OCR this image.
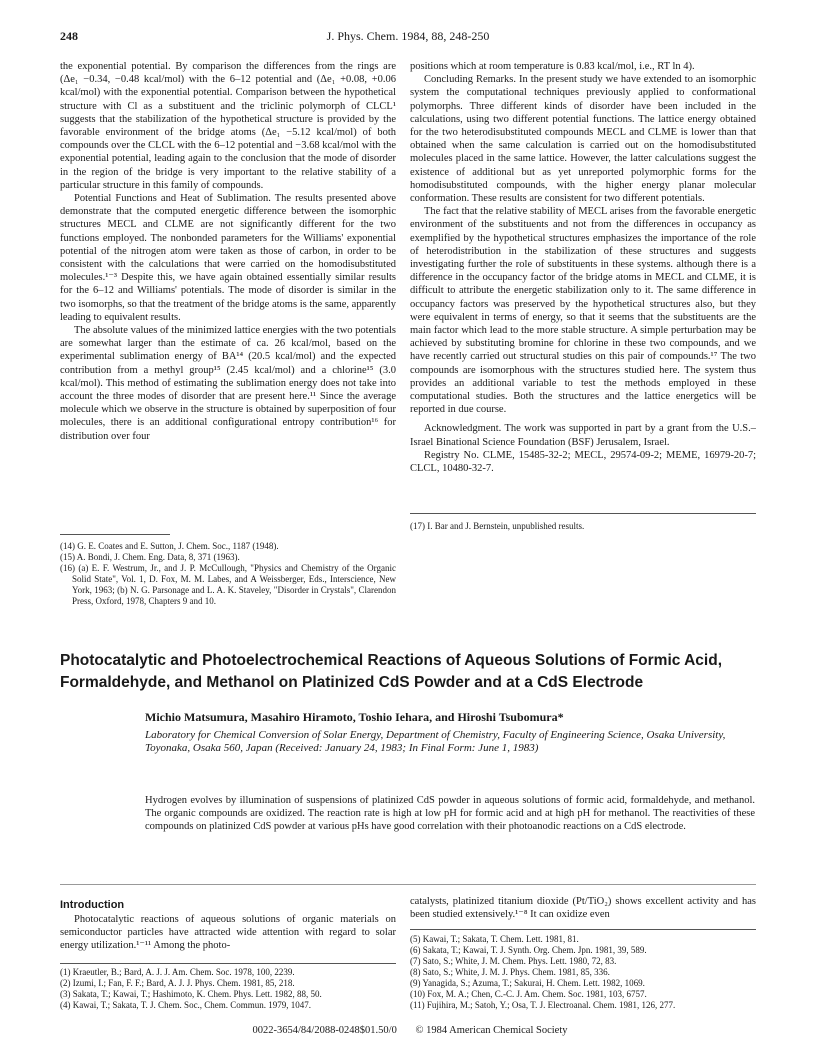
248	J. Phys. Chem. 1984, 88, 248-250

the exponential potential. By comparison the differences from the rings are (Δe₁ −0.34, −0.48 kcal/mol) with the 6–12 potential and (Δe₁ +0.08, +0.06 kcal/mol) with the exponential potential. Comparison between the hypothetical structure with Cl as a substituent and the triclinic polymorph of CLCL¹ suggests that the stabilization of the hypothetical structure is provided by the favorable environment of the bridge atoms (Δe₁ −5.12 kcal/mol) of both compounds over the CLCL with the 6–12 potential and −3.68 kcal/mol with the exponential potential, leading again to the conclusion that the mode of disorder in the region of the bridge is very important to the relative stability of a particular structure in this family of compounds.

Potential Functions and Heat of Sublimation. The results presented above demonstrate that the computed energetic difference between the isomorphic structures MECL and CLME are not significantly different for the two functions employed. The nonbonded parameters for the Williams' exponential potential of the nitrogen atom were taken as those of carbon, in order to be consistent with the calculations that were carried on the homodisubstituted molecules.¹⁻³ Despite this, we have again obtained essentially similar results for the 6–12 and Williams' potentials. The mode of disorder is similar in the two isomorphs, so that the treatment of the bridge atoms is the same, apparently leading to equivalent results.

The absolute values of the minimized lattice energies with the two potentials are somewhat larger than the estimate of ca. 26 kcal/mol, based on the experimental sublimation energy of BA¹⁴ (20.5 kcal/mol) and the expected contribution from a methyl group¹⁵ (2.45 kcal/mol) and a chlorine¹⁵ (3.0 kcal/mol). This method of estimating the sublimation energy does not take into account the three modes of disorder that are present here.¹¹ Since the average molecule which we observe in the structure is obtained by superposition of four molecules, there is an additional configurational entropy contribution¹⁶ for distribution over four

positions which at room temperature is 0.83 kcal/mol, i.e., RT ln 4).

Concluding Remarks. In the present study we have extended to an isomorphic system the computational techniques previously applied to conformational polymorphs. Three different kinds of disorder have been included in the calculations, using two different potential functions. The lattice energy obtained for the two heterodisubstituted compounds MECL and CLME is lower than that obtained when the same calculation is carried out on the homodisubstituted molecules placed in the same lattice. However, the latter calculations suggest the existence of additional but as yet unreported polymorphic forms for the homodisubstituted compounds, with the higher energy planar molecular conformation. These results are consistent for two different potentials.

The fact that the relative stability of MECL arises from the favorable energetic environment of the substituents and not from the differences in occupancy as exemplified by the hypothetical structures emphasizes the importance of the role of heterodistribution in the stabilization of these structures and suggests investigating further the role of substituents in these systems. although there is a difference in the occupancy factor of the bridge atoms in MECL and CLME, it is difficult to attribute the energetic stabilization only to it. The same difference in occupancy factors was preserved by the hypothetical structures also, but they were equivalent in terms of energy, so that it seems that the substituents are the main factor which lead to the more stable structure. A simple perturbation may be achieved by substituting bromine for chlorine in these two compounds, and we have recently carried out structural studies on this pair of compounds.¹⁷ The two compounds are isomorphous with the structures studied here. The system thus provides an additional variable to test the methods employed in these computational studies. Both the structures and the lattice energetics will be reported in due course.

Acknowledgment. The work was supported in part by a grant from the U.S.–Israel Binational Science Foundation (BSF) Jerusalem, Israel.

Registry No. CLME, 15485-32-2; MECL, 29574-09-2; MEME, 16979-20-7; CLCL, 10480-32-7.

(14) G. E. Coates and E. Sutton, J. Chem. Soc., 1187 (1948).
(15) A. Bondi, J. Chem. Eng. Data, 8, 371 (1963).
(16) (a) E. F. Westrum, Jr., and J. P. McCullough, "Physics and Chemistry of the Organic Solid State", Vol. 1, D. Fox, M. M. Labes, and A Weissberger, Eds., Interscience, New York, 1963; (b) N. G. Parsonage and L. A. K. Staveley, "Disorder in Crystals", Clarendon Press, Oxford, 1978, Chapters 9 and 10.
(17) I. Bar and J. Bernstein, unpublished results.
Photocatalytic and Photoelectrochemical Reactions of Aqueous Solutions of Formic Acid, Formaldehyde, and Methanol on Platinized CdS Powder and at a CdS Electrode
Michio Matsumura, Masahiro Hiramoto, Toshio Iehara, and Hiroshi Tsubomura*
Laboratory for Chemical Conversion of Solar Energy, Department of Chemistry, Faculty of Engineering Science, Osaka University, Toyonaka, Osaka 560, Japan (Received: January 24, 1983; In Final Form: June 1, 1983)
Hydrogen evolves by illumination of suspensions of platinized CdS powder in aqueous solutions of formic acid, formaldehyde, and methanol. The organic compounds are oxidized. The reaction rate is high at low pH for formic acid and at high pH for methanol. The reactivities of these compounds on platinized CdS powder at various pHs have good correlation with their photoanodic reactions on a CdS electrode.
Introduction

Photocatalytic reactions of aqueous solutions of organic materials on semiconductor particles have attracted wide attention with regard to solar energy utilization.¹⁻¹¹ Among the photo-

catalysts, platinized titanium dioxide (Pt/TiO₂) shows excellent activity and has been studied extensively.¹⁻⁸ It can oxidize even

(1) Kraeutler, B.; Bard, A. J. J. Am. Chem. Soc. 1978, 100, 2239.
(2) Izumi, I.; Fan, F. F.; Bard, A. J. J. Phys. Chem. 1981, 85, 218.
(3) Sakata, T.; Kawai, T.; Hashimoto, K. Chem. Phys. Lett. 1982, 88, 50.
(4) Kawai, T.; Sakata, T. J. Chem. Soc., Chem. Commun. 1979, 1047.
(5) Kawai, T.; Sakata, T. Chem. Lett. 1981, 81.
(6) Sakata, T.; Kawai, T. J. Synth. Org. Chem. Jpn. 1981, 39, 589.
(7) Sato, S.; White, J. M. Chem. Phys. Lett. 1980, 72, 83.
(8) Sato, S.; White, J. M. J. Phys. Chem. 1981, 85, 336.
(9) Yanagida, S.; Azuma, T.; Sakurai, H. Chem. Lett. 1982, 1069.
(10) Fox, M. A.; Chen, C.-C. J. Am. Chem. Soc. 1981, 103, 6757.
(11) Fujihira, M.; Satoh, Y.; Osa, T. J. Electroanal. Chem. 1981, 126, 277.
0022-3654/84/2088-0248$01.50/0 © 1984 American Chemical Society
